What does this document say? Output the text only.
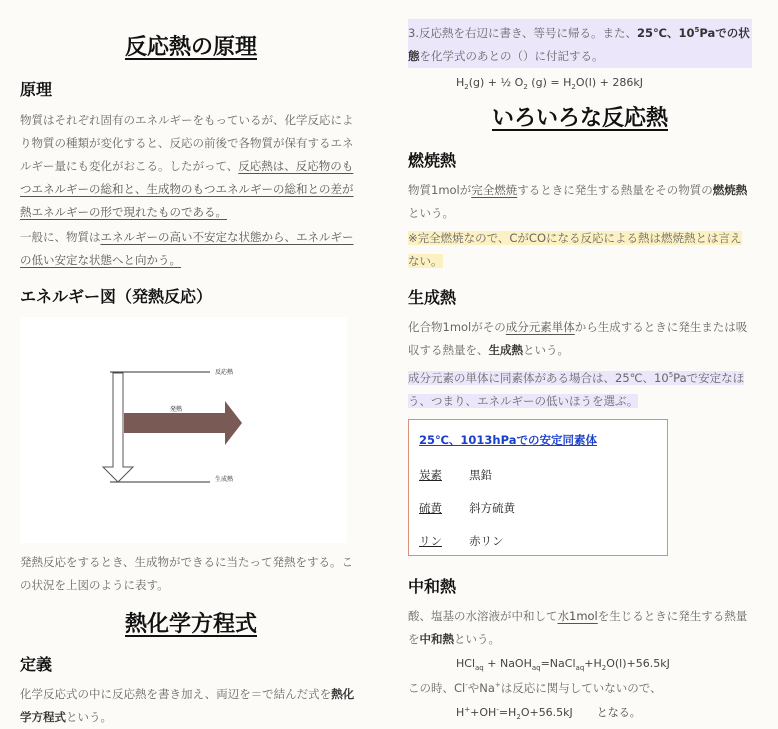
反応熱の原理
原理

物質はそれぞれ固有のエネルギーをもっているが、化学反応により物質の種類が変化すると、反応の前後で各物質が保有するエネルギー量にも変化がおこる。したがって、反応熱は、反応物のもつエネルギーの総和と、生成物のもつエネルギーの総和との差が熱エネルギーの形で現れたものである。

一般に、物質はエネルギーの高い不安定な状態から、エネルギーの低い安定な状態へと向かう。

エネルギー図（発熱反応）
反応熱
発熱
生成熱

発熱反応をするとき、生成物ができるに当たって発熱をする。この状況を上図のように表す。

熱化学方程式
定義

化学反応式の中に反応熱を書き加え、両辺を＝で結んだ式を熱化学方程式という。

3.反応熱を右辺に書き、等号に帰る。また、25℃、$10^5Pa$での状態を化学式のあとの（）に付記する。

$H_2(g)$ + ½ $O_2$ $(g) = H_2O(l) + 286kJ$

いろいろな反応熱
燃焼熱

物質1molが完全燃焼するときに発生する熱量をその物質の燃焼熱という。

※完全燃焼なので、CがCOになる反応による熱は燃焼熱とは言えない。

生成熱

化合物1molがその成分元素単体から生成するときに発生または吸収する熱量を、生成熱という。

成分元素の単体に同素体がある場合は、25℃、$10^5Pa$で安定なほう、つまり、エネルギーの低いほうを選ぶ。

25℃、1013hPaでの安定同素体
炭素 黒鉛
硫黄 斜方硫黄
リン 赤リン
中和熱

酸、塩基の水溶液が中和して水1molを生じるときに発生する熱量を中和熱という。

$HCl_{aq} + NaOH_{aq}=NaCl_{aq}+H_2O(l)+56.5kJ$

この時、Cl-やNa+は反応に関与していないので、

$H^++OH^-=H_2O+56.5kJ$ となる。
